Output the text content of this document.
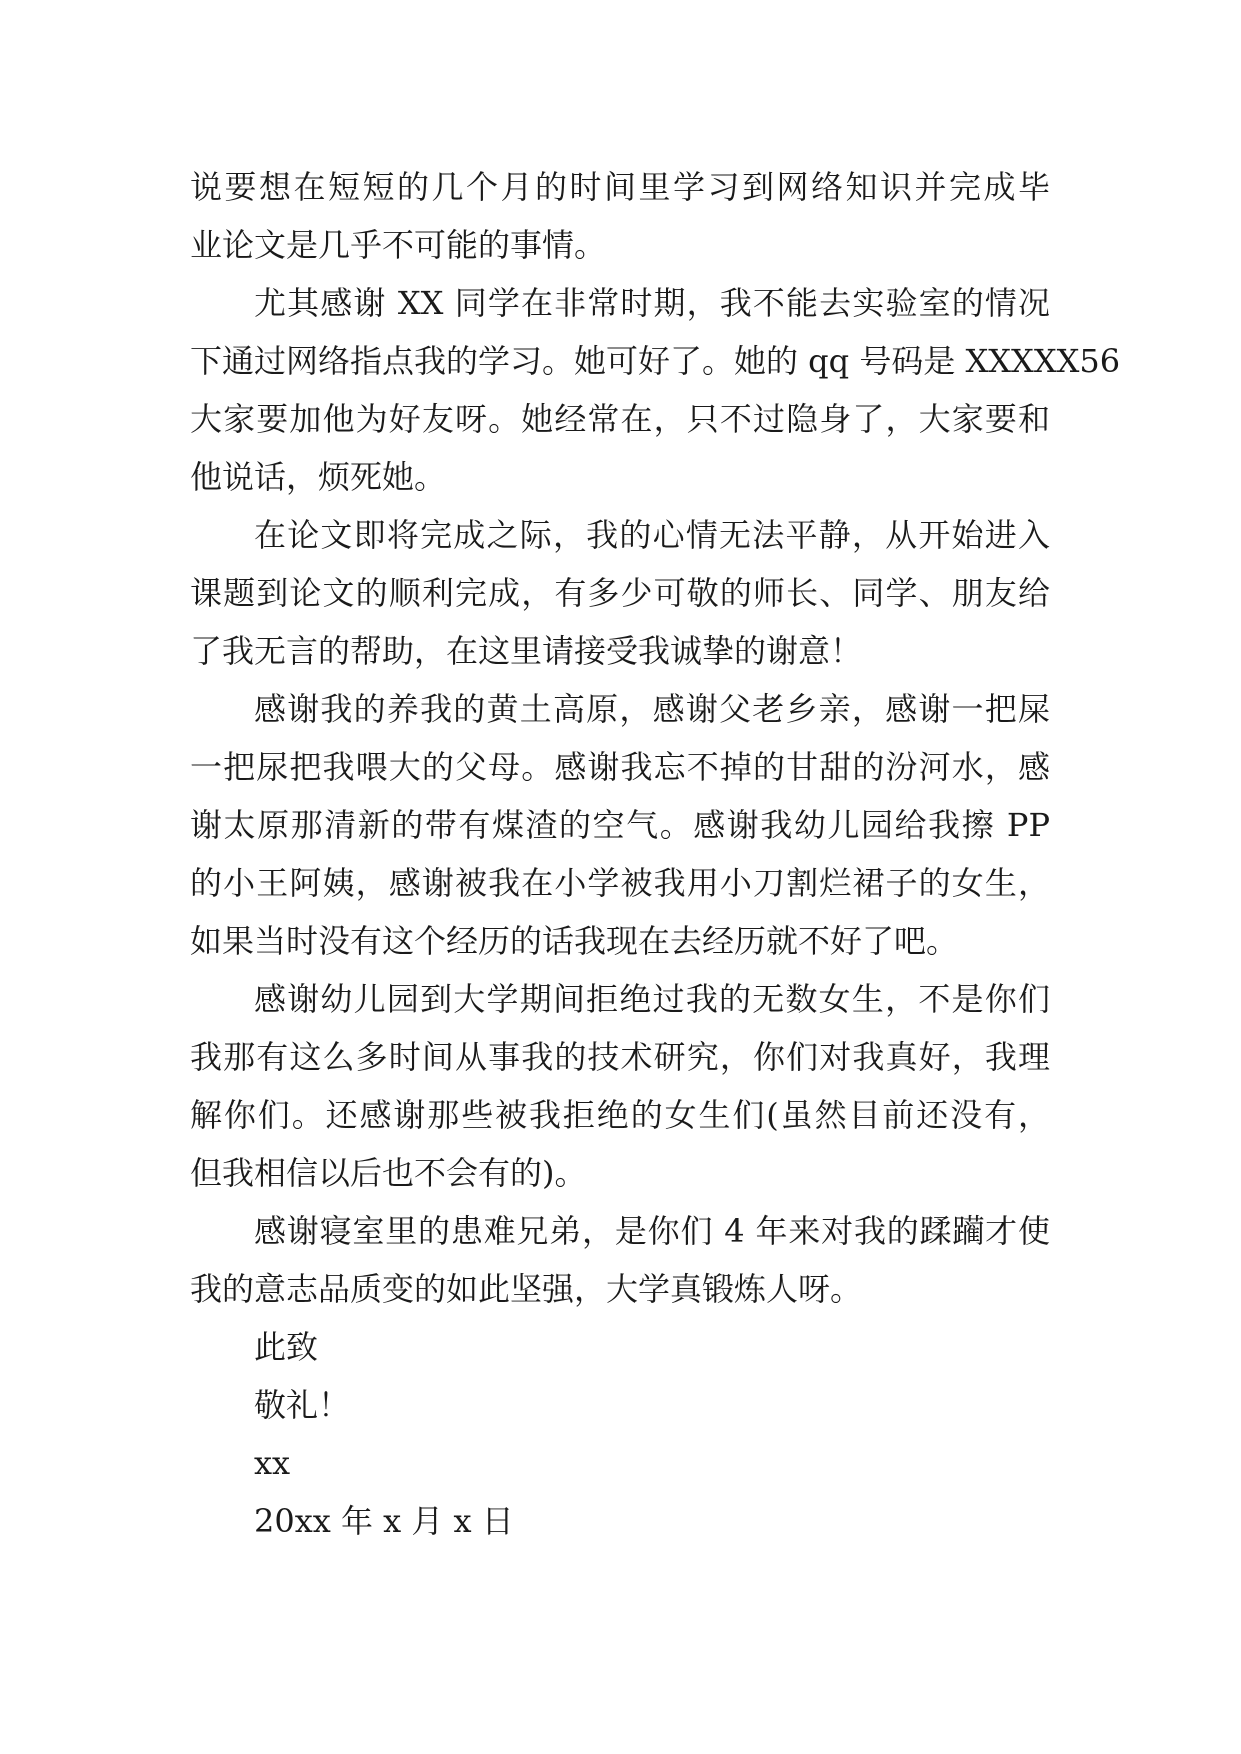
说要想在短短的几个月的时间里学习到网络知识并完成毕
业论文是几乎不可能的事情。
尤其感谢 XX 同学在非常时期，我不能去实验室的情况
下通过网络指点我的学习。她可好了。她的 qq 号码是 XXXXX56
大家要加他为好友呀。她经常在，只不过隐身了，大家要和
他说话，烦死她。
在论文即将完成之际，我的心情无法平静，从开始进入
课题到论文的顺利完成，有多少可敬的师长、同学、朋友给
了我无言的帮助，在这里请接受我诚挚的谢意！
感谢我的养我的黄土高原，感谢父老乡亲，感谢一把屎
一把尿把我喂大的父母。感谢我忘不掉的甘甜的汾河水，感
谢太原那清新的带有煤渣的空气。感谢我幼儿园给我擦 PP
的小王阿姨，感谢被我在小学被我用小刀割烂裙子的女生，
如果当时没有这个经历的话我现在去经历就不好了吧。
感谢幼儿园到大学期间拒绝过我的无数女生，不是你们
我那有这么多时间从事我的技术研究，你们对我真好，我理
解你们。还感谢那些被我拒绝的女生们(虽然目前还没有，
但我相信以后也不会有的)。
感谢寝室里的患难兄弟，是你们 4 年来对我的蹂躏才使
我的意志品质变的如此坚强，大学真锻炼人呀。
此致
敬礼！
xx
20xx 年 x 月 x 日
